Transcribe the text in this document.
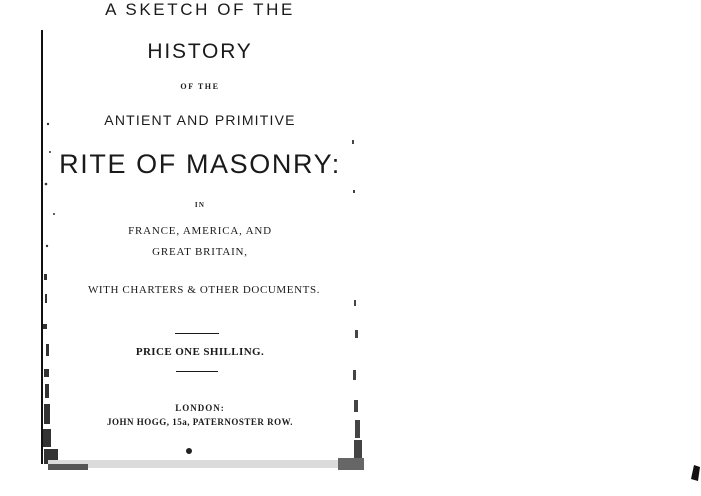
A SKETCH OF THE
HISTORY
OF THE
ANTIENT AND PRIMITIVE
RITE OF MASONRY:
IN
FRANCE, AMERICA, AND
GREAT BRITAIN,
WITH CHARTERS & OTHER DOCUMENTS.
PRICE ONE SHILLING.
LONDON:
JOHN HOGG, 15a, PATERNOSTER ROW.
